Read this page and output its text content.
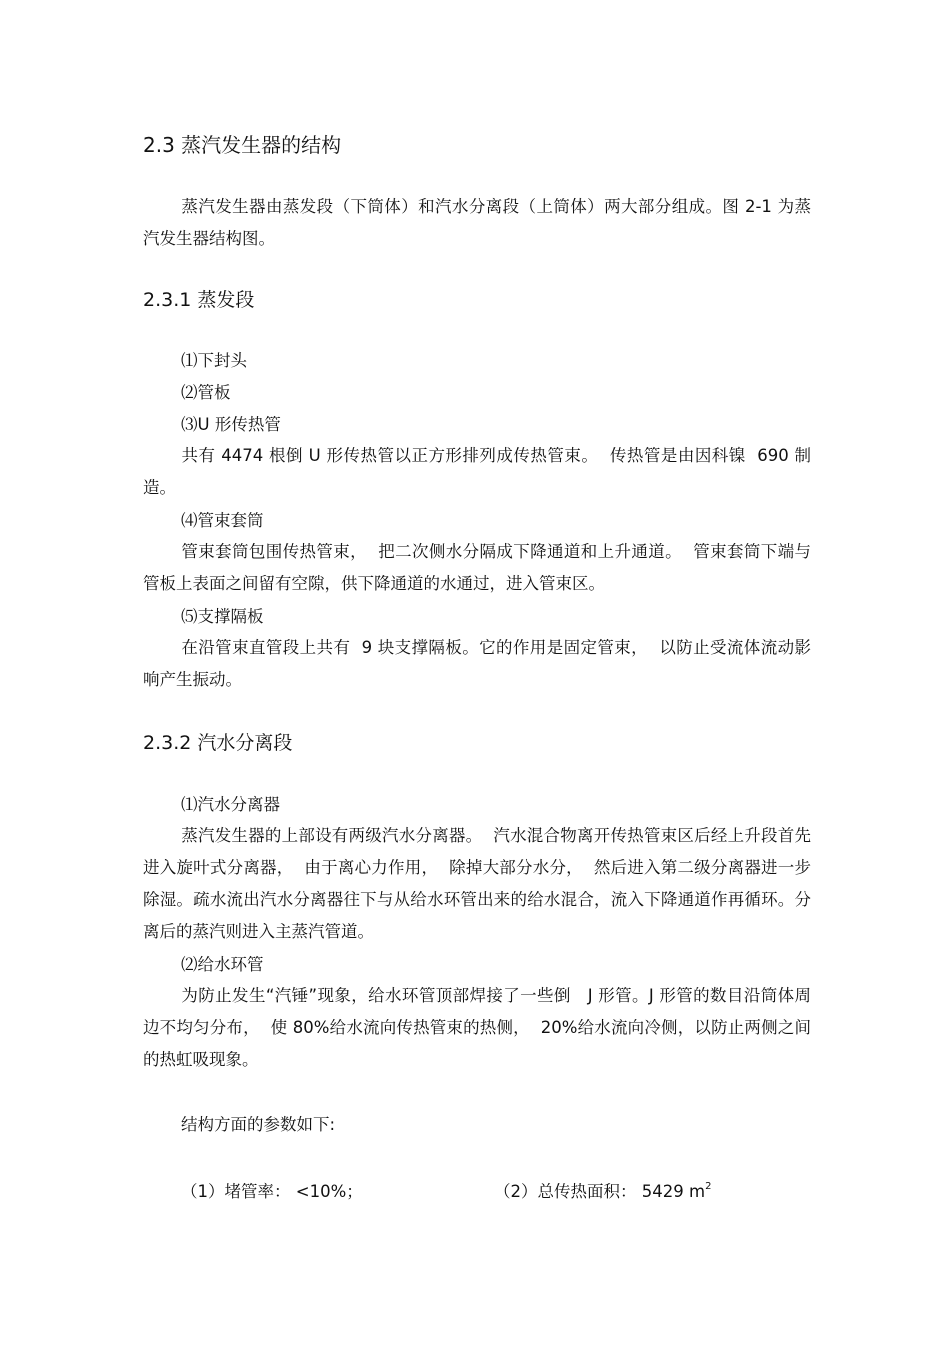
2.3 蒸汽发生器的结构
蒸汽发生器由蒸发段（下筒体）和汽水分离段（上筒体）两大部分组成。图 2-1 为蒸汽发生器结构图。
2.3.1 蒸发段
⑴下封头
⑵管板
⑶U 形传热管
共有 4474 根倒 U 形传热管以正方形排列成传热管束。  传热管是由因科镍  690 制造。
⑷管束套筒
管束套筒包围传热管束，  把二次侧水分隔成下降通道和上升通道。  管束套筒下端与管板上表面之间留有空隙，供下降通道的水通过，进入管束区。
⑸支撑隔板
在沿管束直管段上共有  9 块支撑隔板。它的作用是固定管束，  以防止受流体流动影响产生振动。
2.3.2 汽水分离段
⑴汽水分离器
蒸汽发生器的上部设有两级汽水分离器。  汽水混合物离开传热管束区后经上升段首先进入旋叶式分离器，  由于离心力作用，  除掉大部分水分，  然后进入第二级分离器进一步除湿。疏水流出汽水分离器往下与从给水环管出来的给水混合，流入下降通道作再循环。分离后的蒸汽则进入主蒸汽管道。
⑵给水环管
为防止发生“汽锤”现象，给水环管顶部焊接了一些倒   J 形管。J 形管的数目沿筒体周边不均匀分布，  使 80%给水流向传热管束的热侧，  20%给水流向冷侧，以防止两侧之间的热虹吸现象。
结构方面的参数如下:
（1）堵管率： <10%；	（2）总传热面积： 5429 $m^2$
